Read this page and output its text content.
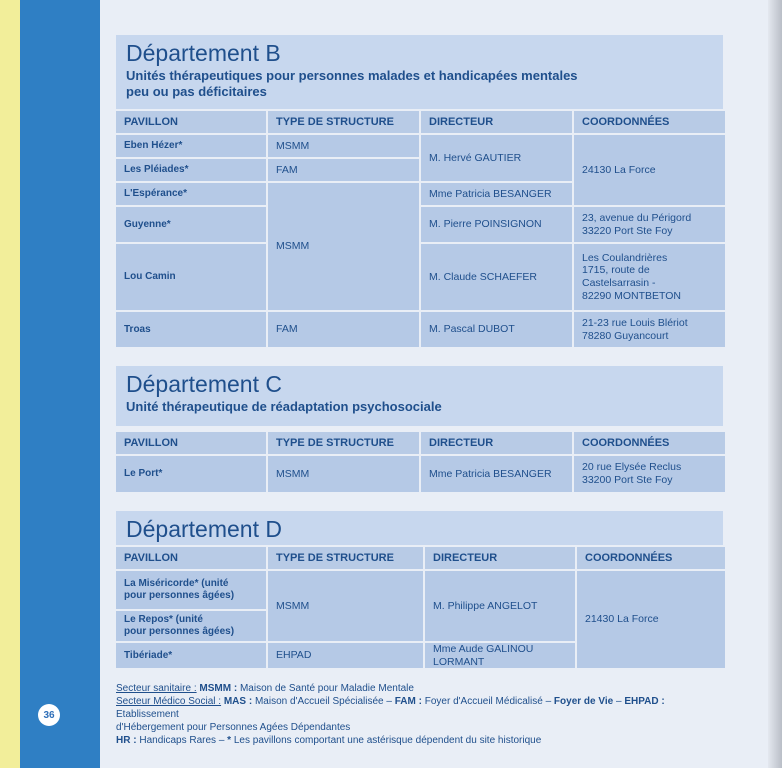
36
Département B
Unités thérapeutiques pour personnes malades et handicapées mentales
peu ou pas déficitaires
PAVILLON	TYPE DE STRUCTURE	DIRECTEUR	COORDONNÉES
Eben Hézer*	MSMM	M. Hervé GAUTIER	24130 La Force
Les Pléiades*	FAM		
L'Espérance*	MSMM	Mme Patricia BESANGER	
Guyenne*		M. Pierre POINSIGNON	23, avenue du Périgord
33220 Port Ste Foy

Lou Camin		M. Claude SCHAEFER	Les Coulandrières
1715, route de Castelsarrasin -
82290 MONTBETON

Troas	FAM	M. Pascal DUBOT	21-23 rue Louis Blériot
78280 Guyancourt
Département C
Unité thérapeutique de réadaptation psychosociale
PAVILLON	TYPE DE STRUCTURE	DIRECTEUR	COORDONNÉES
Le Port*	MSMM	Mme Patricia BESANGER	20 rue Elysée Reclus
33200 Port Ste Foy
Département D
PAVILLON	TYPE DE STRUCTURE	DIRECTEUR	COORDONNÉES

La Miséricorde* (unité
pour personnes âgées)	MSMM	M. Philippe ANGELOT	21430 La Force

Le Repos* (unité
pour personnes âgées)			

Tibériade*	EHPAD	Mme Aude GALINOU
LORMANT	
Secteur sanitaire : MSMM : Maison de Santé pour Maladie Mentale
Secteur Médico Social : MAS : Maison d'Accueil Spécialisée – FAM : Foyer d'Accueil Médicalisé – Foyer de Vie – EHPAD : Etablissement
d'Hébergement pour Personnes Agées Dépendantes
HR : Handicaps Rares – * Les pavillons comportant une astérisque dépendent du site historique
